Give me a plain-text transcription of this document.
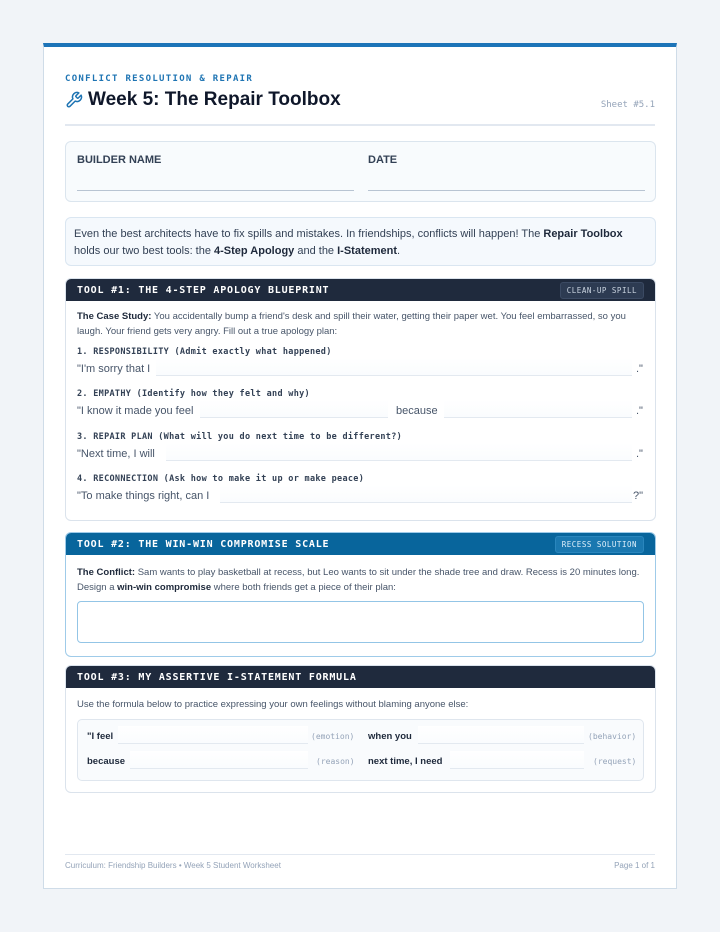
CONFLICT RESOLUTION & REPAIR
Week 5: The Repair Toolbox	Sheet #5.1
BUILDER NAME	DATE
Even the best architects have to fix spills and mistakes. In friendships, conflicts will happen! The Repair Toolbox holds our two best tools: the 4-Step Apology and the I-Statement.
TOOL #1: THE 4-STEP APOLOGY BLUEPRINT	CLEAN-UP SPILL
The Case Study: You accidentally bump a friend's desk and spill their water, getting their paper wet. You feel embarrassed, so you laugh. Your friend gets very angry. Fill out a true apology plan:
1. RESPONSIBILITY (Admit exactly what happened)
"I'm sorry that I	."
2. EMPATHY (Identify how they felt and why)
"I know it made you feel	because	."
3. REPAIR PLAN (What will you do next time to be different?)
"Next time, I will	."
4. RECONNECTION (Ask how to make it up or make peace)
"To make things right, can I	?"
TOOL #2: THE WIN-WIN COMPROMISE SCALE	RECESS SOLUTION
The Conflict: Sam wants to play basketball at recess, but Leo wants to sit under the shade tree and draw. Recess is 20 minutes long. Design a win-win compromise where both friends get a piece of their plan:
TOOL #3: MY ASSERTIVE I-STATEMENT FORMULA
Use the formula below to practice expressing your own feelings without blaming anyone else:
"I feel	(emotion) when you	(behavior)
because	(reason) next time, I need	(request)
Curriculum: Friendship Builders • Week 5 Student Worksheet	Page 1 of 1
